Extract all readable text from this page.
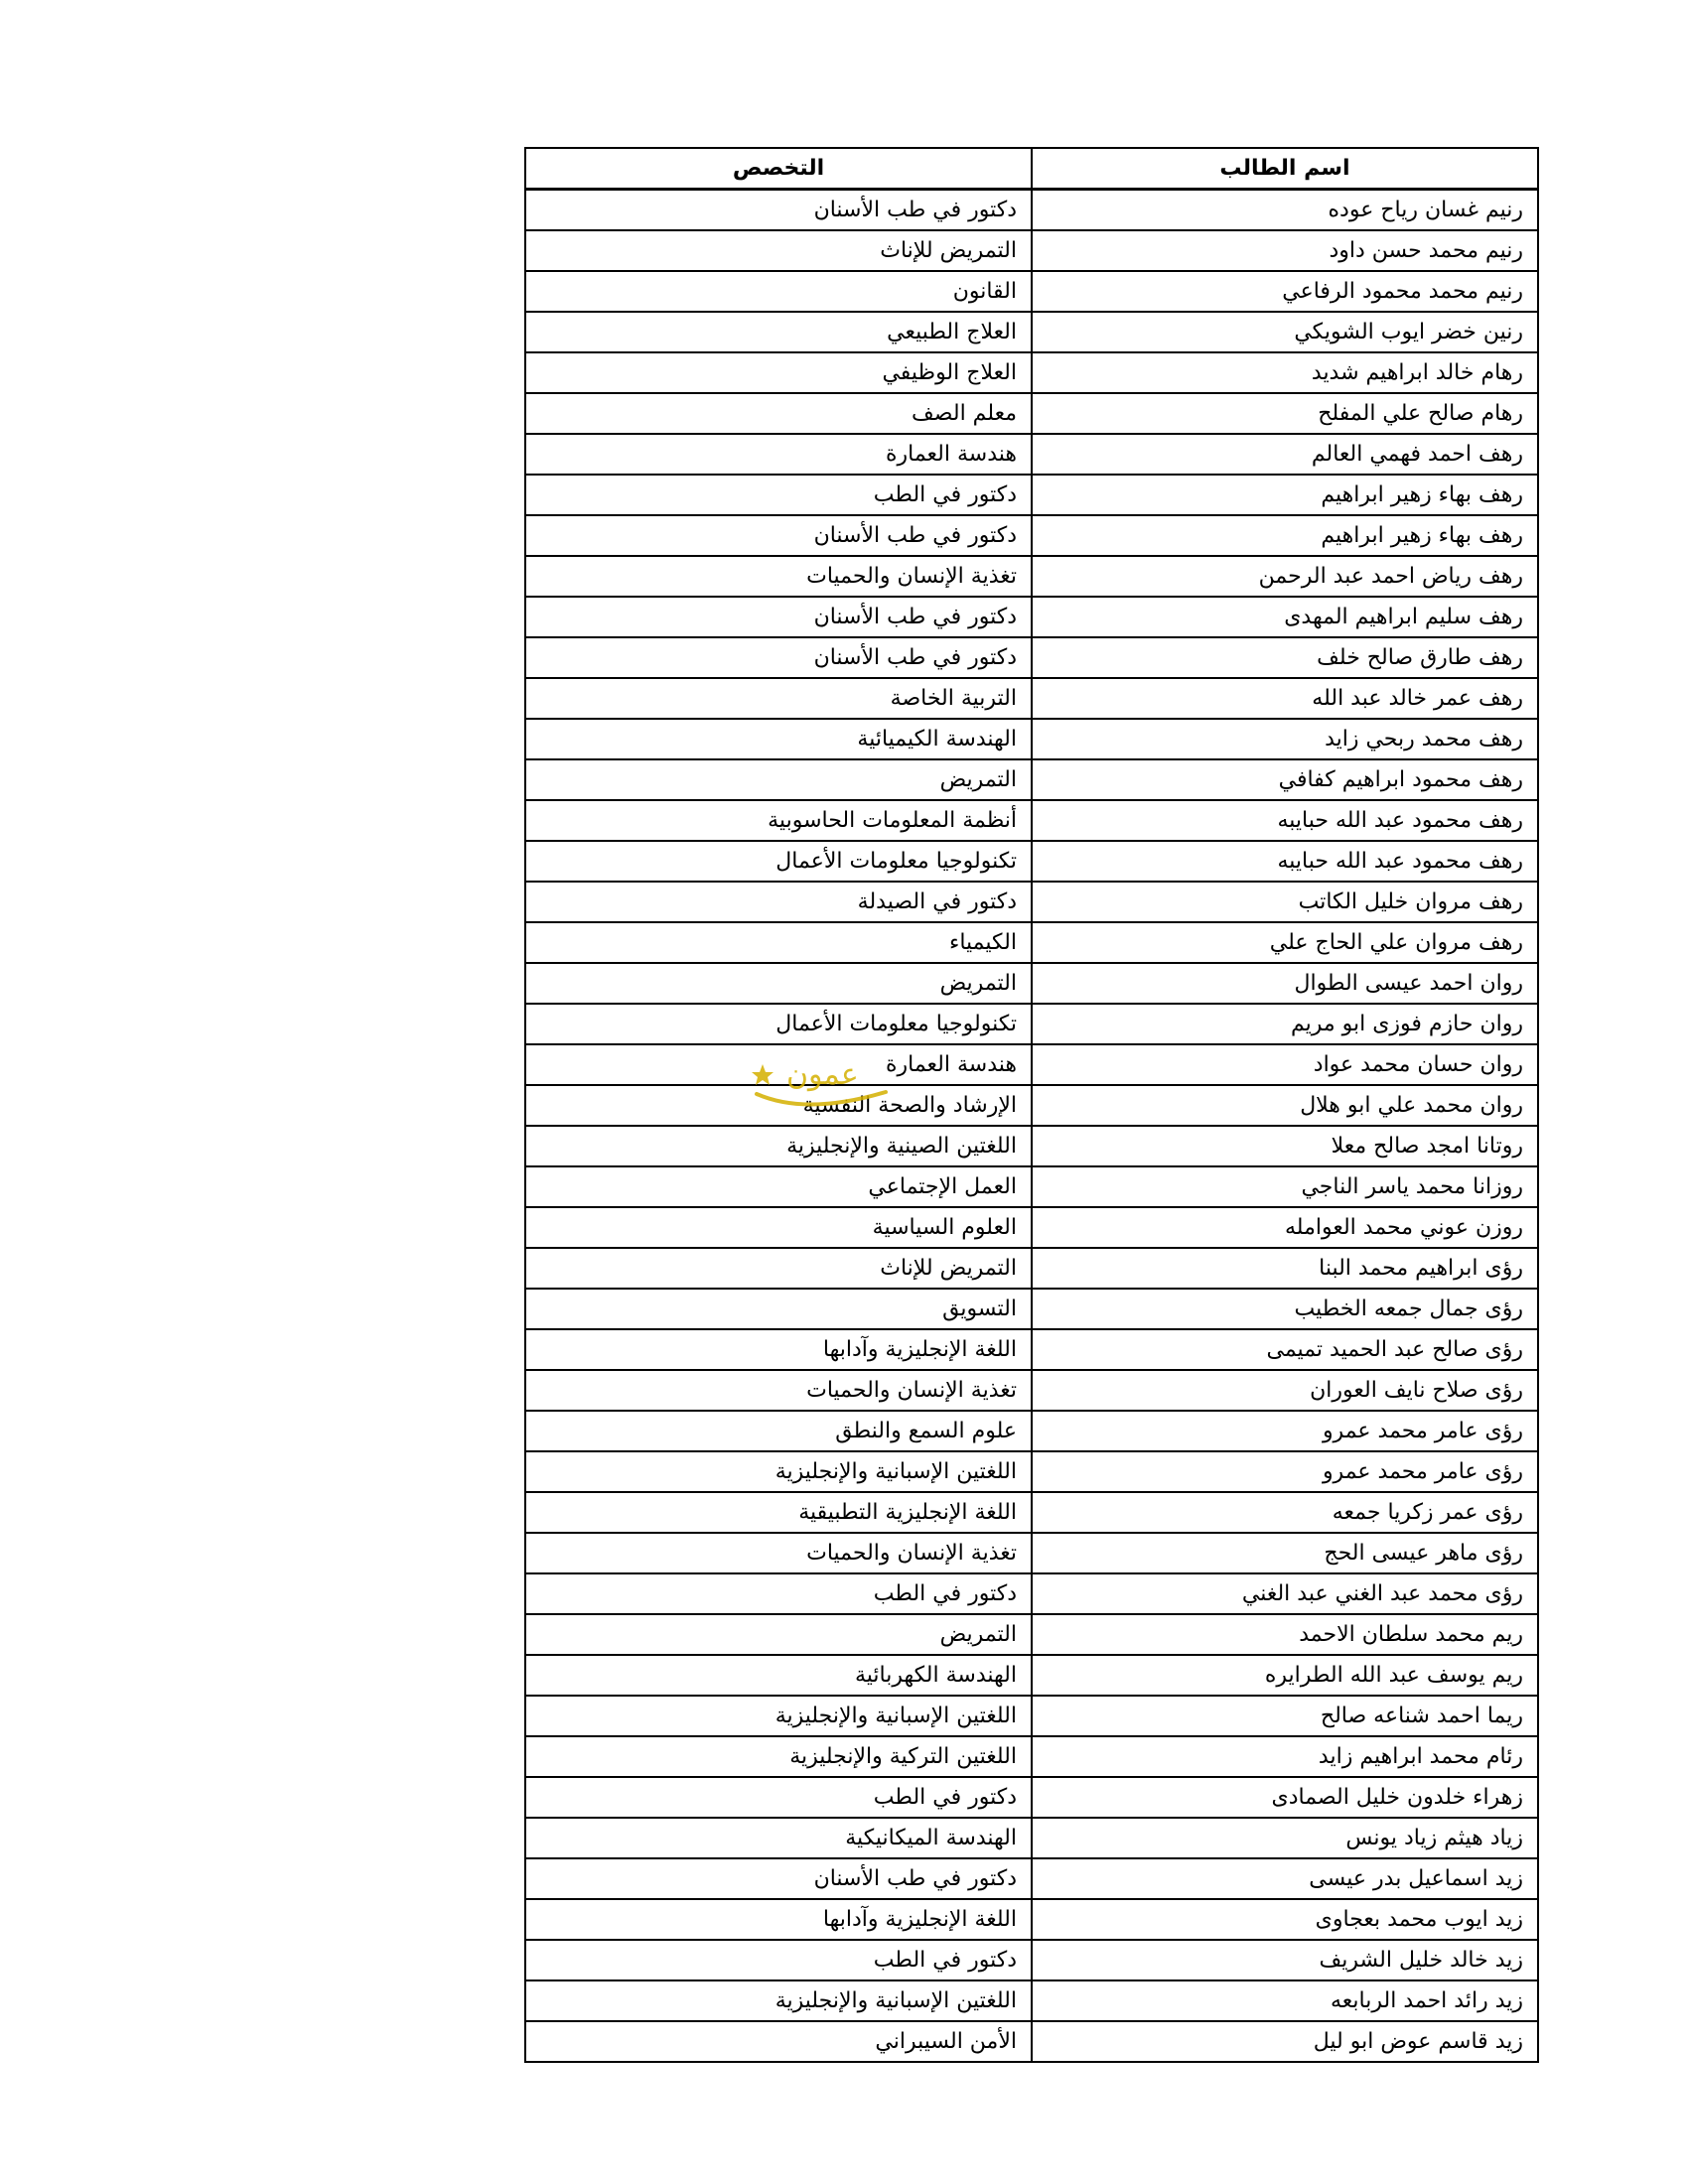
اسم الطالب	التخصص
رنيم غسان رياح عوده	دكتور في طب الأسنان
رنيم محمد حسن داود	التمريض للإناث
رنيم محمد محمود الرفاعي	القانون
رنين خضر ايوب الشويكي	العلاج الطبيعي
رهام خالد ابراهيم شديد	العلاج الوظيفي
رهام صالح علي المفلح	معلم الصف
رهف احمد فهمي العالم	هندسة العمارة
رهف بهاء زهير ابراهيم	دكتور في الطب
رهف بهاء زهير ابراهيم	دكتور في طب الأسنان
رهف رياض احمد عبد الرحمن	تغذية الإنسان والحميات
رهف سليم ابراهيم المهدى	دكتور في طب الأسنان
رهف طارق صالح خلف	دكتور في طب الأسنان
رهف عمر خالد عبد الله	التربية الخاصة
رهف محمد ربحي زايد	الهندسة الكيميائية
رهف محمود ابراهيم كفافي	التمريض
رهف محمود عبد الله حبايبه	أنظمة المعلومات الحاسوبية
رهف محمود عبد الله حبايبه	تكنولوجيا معلومات الأعمال
رهف مروان خليل الكاتب	دكتور في الصيدلة
رهف مروان علي الحاج علي	الكيمياء
روان احمد عيسى الطوال	التمريض
روان حازم فوزى ابو مريم	تكنولوجيا معلومات الأعمال
روان حسان محمد عواد	هندسة العمارة
روان محمد علي ابو هلال	الإرشاد والصحة النفسية
روتانا امجد صالح معلا	اللغتين الصينية والإنجليزية
روزانا محمد ياسر الناجي	العمل الإجتماعي
روزن عوني محمد العوامله	العلوم السياسية
رؤى ابراهيم محمد البنا	التمريض للإناث
رؤى جمال جمعه الخطيب	التسويق
رؤى صالح عبد الحميد تميمى	اللغة الإنجليزية وآدابها
رؤى صلاح نايف العوران	تغذية الإنسان والحميات
رؤى عامر محمد عمرو	علوم السمع والنطق
رؤى عامر محمد عمرو	اللغتين الإسبانية والإنجليزية
رؤى عمر زكريا جمعه	اللغة الإنجليزية التطبيقية
رؤى ماهر عيسى الحج	تغذية الإنسان والحميات
رؤى محمد عبد الغني عبد الغني	دكتور في الطب
ريم محمد سلطان الاحمد	التمريض
ريم يوسف عبد الله الطرايره	الهندسة الكهربائية
ريما احمد شناعه صالح	اللغتين الإسبانية والإنجليزية
رئام محمد ابراهيم زايد	اللغتين التركية والإنجليزية
زهراء خلدون خليل الصمادى	دكتور في الطب
زياد هيثم زياد يونس	الهندسة الميكانيكية
زيد اسماعيل بدر عيسى	دكتور في طب الأسنان
زيد ايوب محمد بعجاوى	اللغة الإنجليزية وآدابها
زيد خالد خليل الشريف	دكتور في الطب
زيد رائد احمد الربابعه	اللغتين الإسبانية والإنجليزية
زيد قاسم عوض ابو ليل	الأمن السيبراني
عمون
